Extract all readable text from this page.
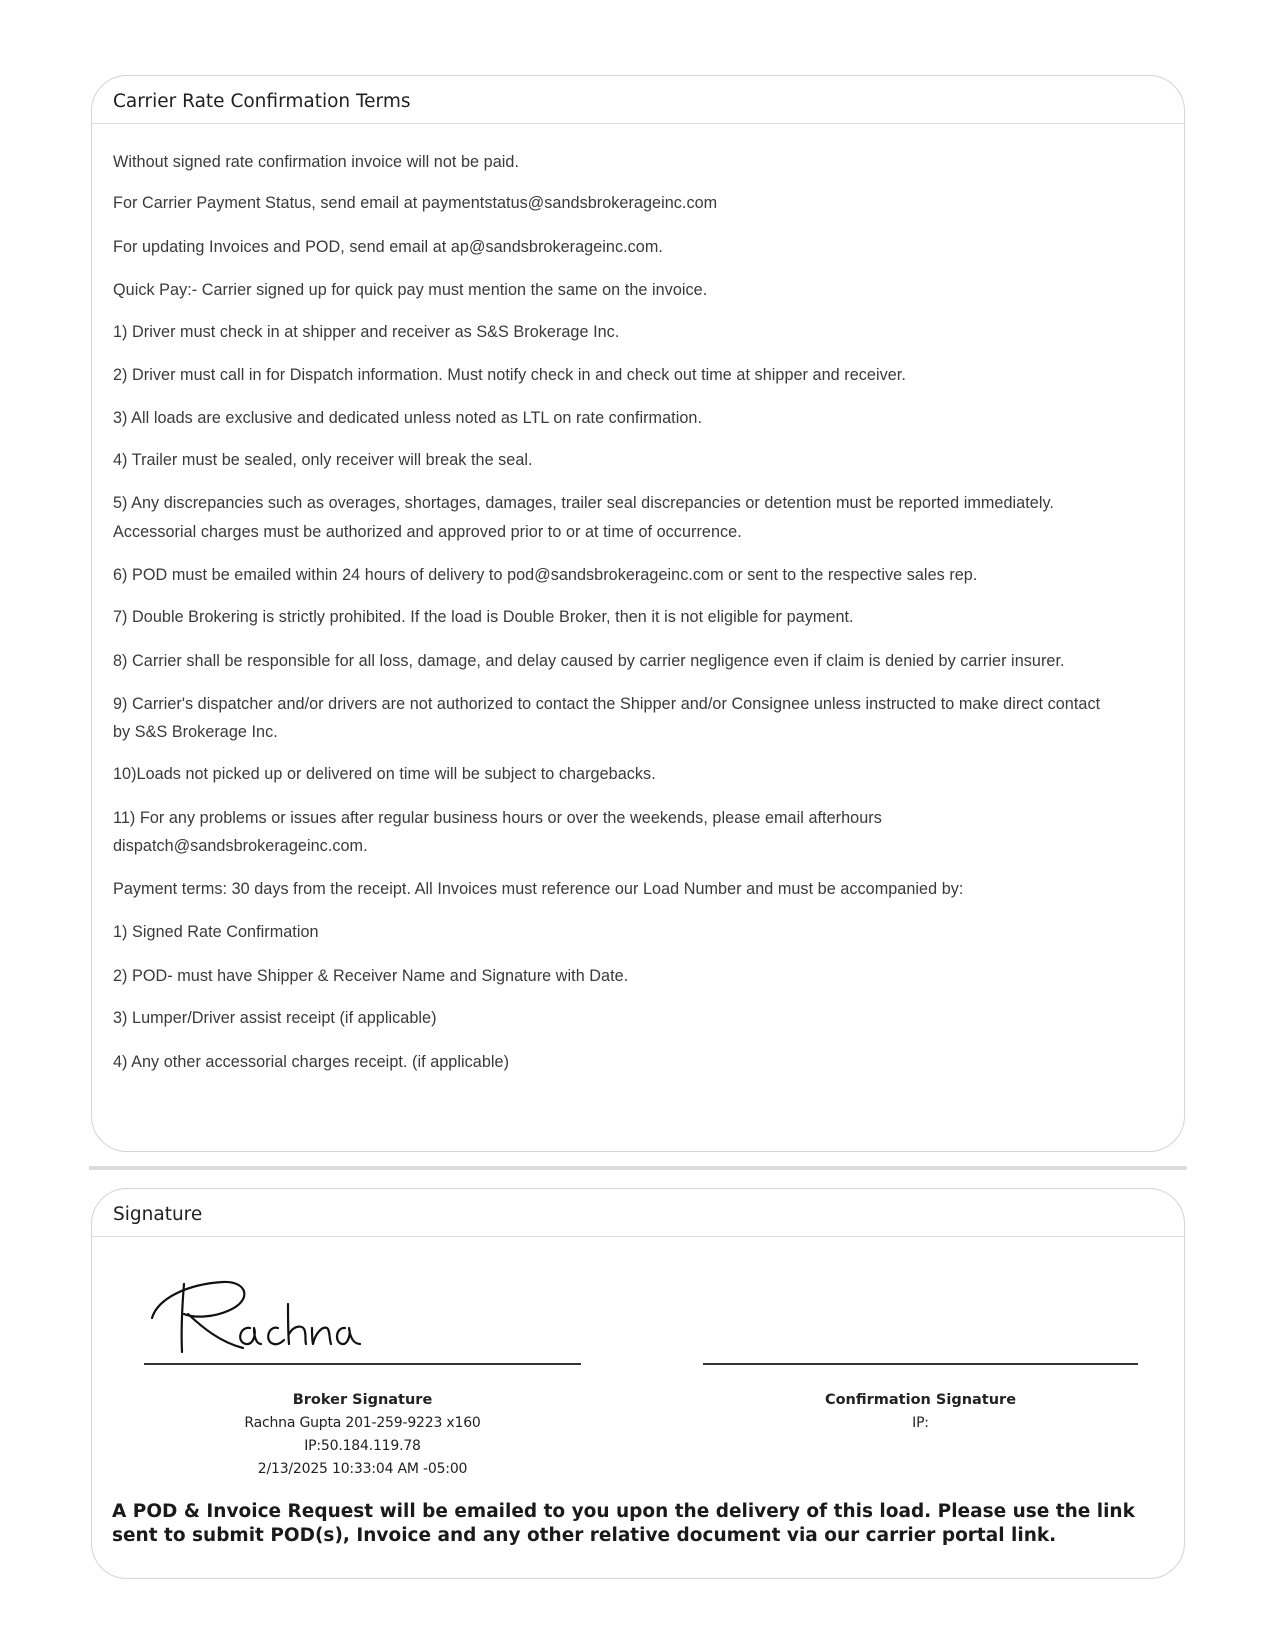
Carrier Rate Confirmation Terms
Without signed rate confirmation invoice will not be paid.
For Carrier Payment Status, send email at paymentstatus@sandsbrokerageinc.com
For updating Invoices and POD, send email at ap@sandsbrokerageinc.com.
Quick Pay:- Carrier signed up for quick pay must mention the same on the invoice.
1) Driver must check in at shipper and receiver as S&S Brokerage Inc.
2) Driver must call in for Dispatch information. Must notify check in and check out time at shipper and receiver.
3) All loads are exclusive and dedicated unless noted as LTL on rate confirmation.
4) Trailer must be sealed, only receiver will break the seal.
5) Any discrepancies such as overages, shortages, damages, trailer seal discrepancies or detention must be reported immediately.
Accessorial charges must be authorized and approved prior to or at time of occurrence.
6) POD must be emailed within 24 hours of delivery to pod@sandsbrokerageinc.com or sent to the respective sales rep.
7) Double Brokering is strictly prohibited. If the load is Double Broker, then it is not eligible for payment.
8) Carrier shall be responsible for all loss, damage, and delay caused by carrier negligence even if claim is denied by carrier insurer.
9) Carrier's dispatcher and/or drivers are not authorized to contact the Shipper and/or Consignee unless instructed to make direct contact
by S&S Brokerage Inc.
10)Loads not picked up or delivered on time will be subject to chargebacks.
11) For any problems or issues after regular business hours or over the weekends, please email afterhours
dispatch@sandsbrokerageinc.com.
Payment terms: 30 days from the receipt. All Invoices must reference our Load Number and must be accompanied by:
1) Signed Rate Confirmation
2) POD- must have Shipper & Receiver Name and Signature with Date.
3) Lumper/Driver assist receipt (if applicable)
4) Any other accessorial charges receipt. (if applicable)
Signature
Broker Signature
Rachna Gupta 201-259-9223 x160
IP:50.184.119.78
2/13/2025 10:33:04 AM -05:00
Confirmation Signature
IP:
A POD & Invoice Request will be emailed to you upon the delivery of this load. Please use the link sent to submit POD(s), Invoice and any other relative document via our carrier portal link.
